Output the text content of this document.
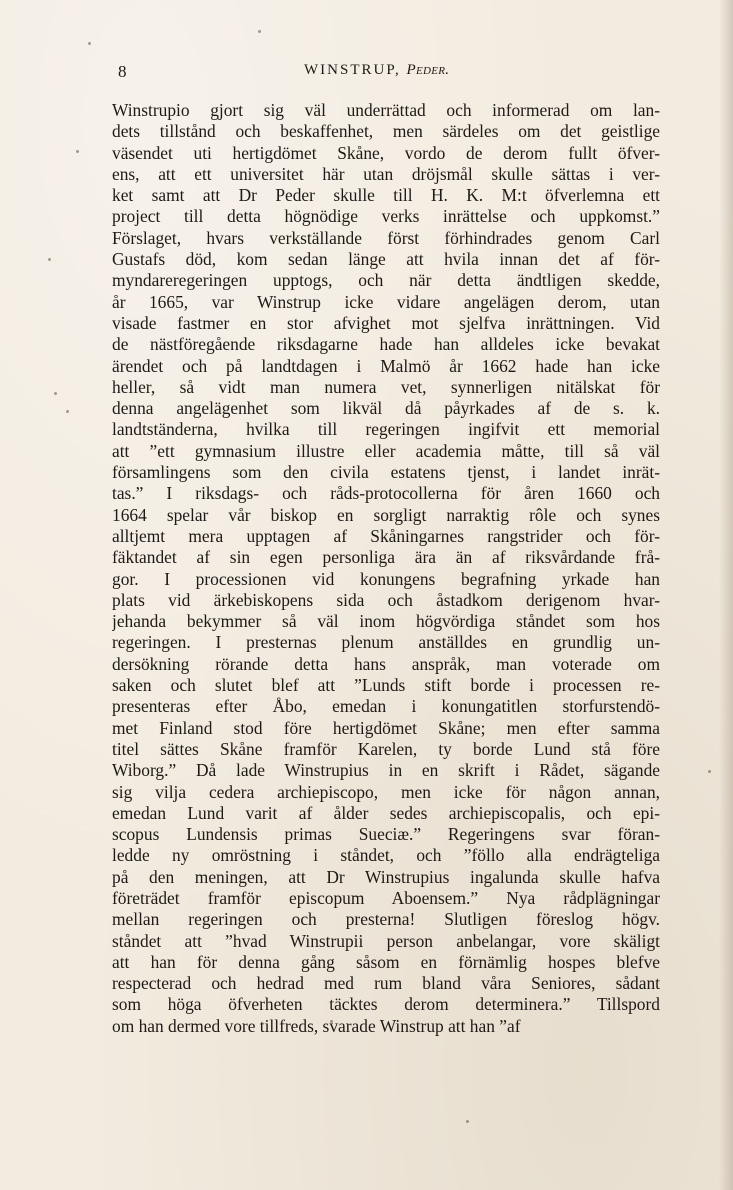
8	WINSTRUP, Peder.
Winstrupio gjort sig väl underrättad och informerad om lan-
dets tillstånd och beskaffenhet, men särdeles om det geistlige
väsendet uti hertigdömet Skåne, vordo de derom fullt öfver-
ens, att ett universitet här utan dröjsmål skulle sättas i ver-
ket samt att Dr Peder skulle till H. K. M:t öfverlemna ett
project till detta högnödige verks inrättelse och uppkomst.”
Förslaget, hvars verkställande först förhindrades genom Carl
Gustafs död, kom sedan länge att hvila innan det af för-
myndareregeringen upptogs, och när detta ändtligen skedde,
år 1665, var Winstrup icke vidare angelägen derom, utan
visade fastmer en stor afvighet mot sjelfva inrättningen. Vid
de nästföregående riksdagarne hade han alldeles icke bevakat
ärendet och på landtdagen i Malmö år 1662 hade han icke
heller, så vidt man numera vet, synnerligen nitälskat för
denna angelägenhet som likväl då påyrkades af de s. k.
landtständerna, hvilka till regeringen ingifvit ett memorial
att ”ett gymnasium illustre eller academia måtte, till så väl
församlingens som den civila estatens tjenst, i landet inrät-
tas.” I riksdags- och råds-protocollerna för åren 1660 och
1664 spelar vår biskop en sorgligt narraktig rôle och synes
alltjemt mera upptagen af Skåningarnes rangstrider och för-
fäktandet af sin egen personliga ära än af riksvårdande frå-
gor. I processionen vid konungens begrafning yrkade han
plats vid ärkebiskopens sida och åstadkom derigenom hvar-
jehanda bekymmer så väl inom högvördiga ståndet som hos
regeringen. I presternas plenum anställdes en grundlig un-
dersökning rörande detta hans anspråk, man voterade om
saken och slutet blef att ”Lunds stift borde i processen re-
presenteras efter Åbo, emedan i konungatitlen storfurstendö-
met Finland stod före hertigdömet Skåne; men efter samma
titel sättes Skåne framför Karelen, ty borde Lund stå före
Wiborg.” Då lade Winstrupius in en skrift i Rådet, sägande
sig vilja cedera archiepiscopo, men icke för någon annan,
emedan Lund varit af ålder sedes archiepiscopalis, och epi-
scopus Lundensis primas Sueciæ.” Regeringens svar föran-
ledde ny omröstning i ståndet, och ”föllo alla endrägteliga
på den meningen, att Dr Winstrupius ingalunda skulle hafva
företrädet framför episcopum Aboensem.” Nya rådplägningar
mellan regeringen och presterna! Slutligen föreslog högv.
ståndet att ”hvad Winstrupii person anbelangar, vore skäligt
att han för denna gång såsom en förnämlig hospes blefve
respecterad och hedrad med rum bland våra Seniores, sådant
som höga öfverheten täcktes derom determinera.” Tillspord
om han dermed vore tillfreds, svarade Winstrup att han ”af
